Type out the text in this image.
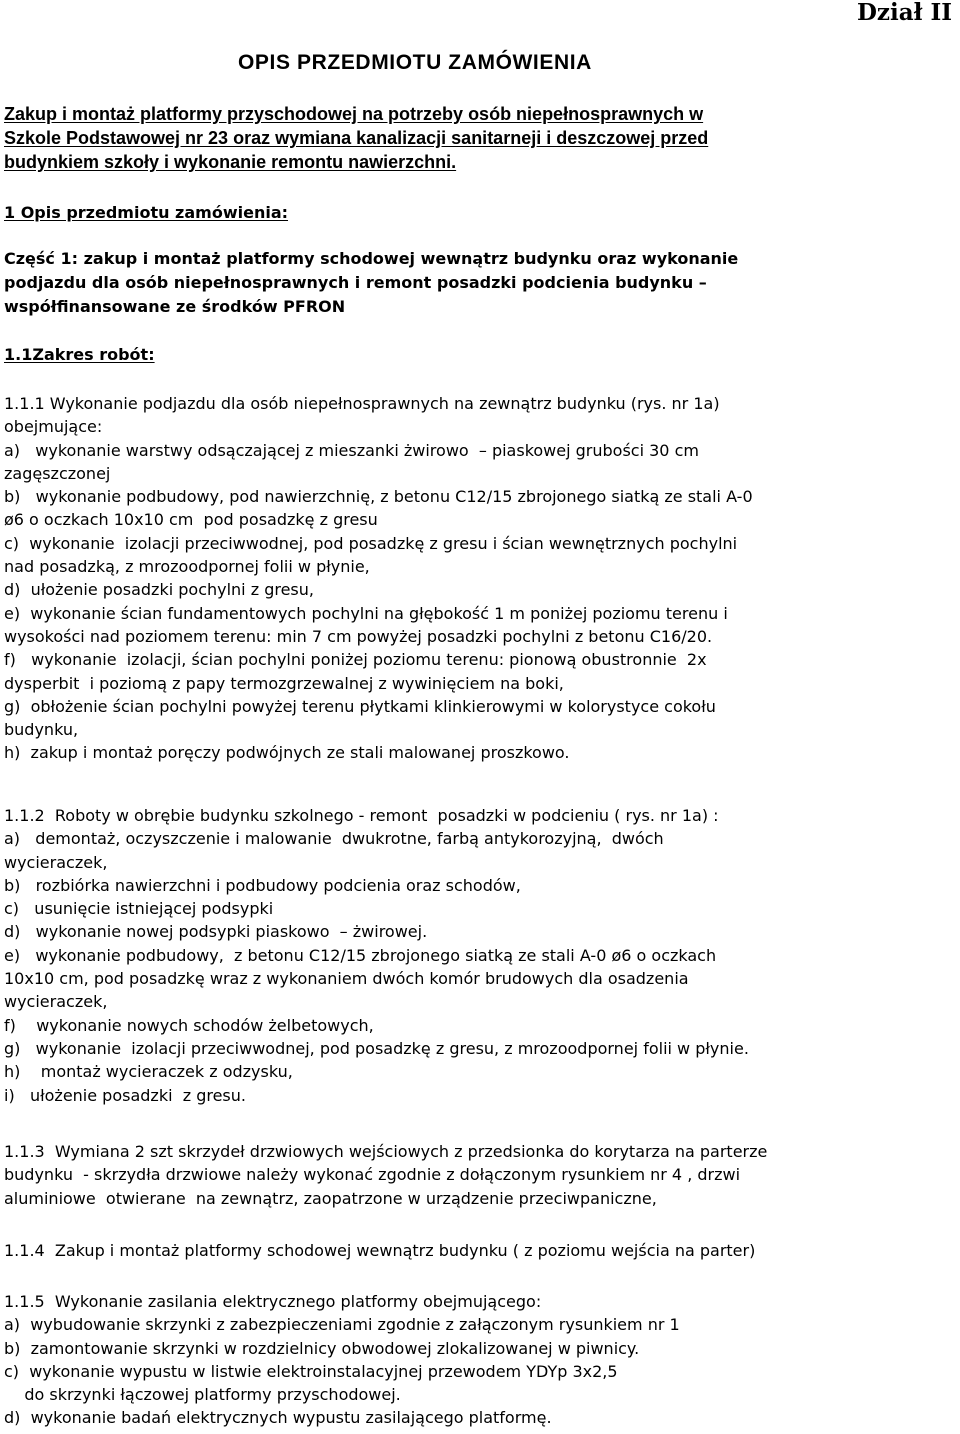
Dział II
OPIS PRZEDMIOTU ZAMÓWIENIA
Zakup i montaż platformy przyschodowej na potrzeby osób niepełnosprawnych w
Szkole Podstawowej nr 23 oraz wymiana kanalizacji sanitarneji i deszczowej przed
budynkiem szkoły i wykonanie remontu nawierzchni.
1 Opis przedmiotu zamówienia:
Część 1: zakup i montaż platformy schodowej wewnątrz budynku oraz wykonanie
podjazdu dla osób niepełnosprawnych i remont posadzki podcienia budynku –
współfinansowane ze środków PFRON
1.1Zakres robót:
1.1.1 Wykonanie podjazdu dla osób niepełnosprawnych na zewnątrz budynku (rys. nr 1a)
obejmujące:
a)   wykonanie warstwy odsączającej z mieszanki żwirowo  – piaskowej grubości 30 cm
zagęszczonej
b)   wykonanie podbudowy, pod nawierzchnię, z betonu C12/15 zbrojonego siatką ze stali A-0
ø6 o oczkach 10x10 cm  pod posadzkę z gresu
c)  wykonanie  izolacji przeciwwodnej, pod posadzkę z gresu i ścian wewnętrznych pochylni
nad posadzką, z mrozoodpornej folii w płynie,
d)  ułożenie posadzki pochylni z gresu,
e)  wykonanie ścian fundamentowych pochylni na głębokość 1 m poniżej poziomu terenu i
wysokości nad poziomem terenu: min 7 cm powyżej posadzki pochylni z betonu C16/20.
f)   wykonanie  izolacji, ścian pochylni poniżej poziomu terenu: pionową obustronnie  2x
dysperbit  i poziomą z papy termozgrzewalnej z wywinięciem na boki,
g)  obłożenie ścian pochylni powyżej terenu płytkami klinkierowymi w kolorystyce cokołu
budynku,
h)  zakup i montaż poręczy podwójnych ze stali malowanej proszkowo.
1.1.2  Roboty w obrębie budynku szkolnego - remont  posadzki w podcieniu ( rys. nr 1a) :
a)   demontaż, oczyszczenie i malowanie  dwukrotne, farbą antykorozyjną,  dwóch
wycieraczek,
b)   rozbiórka nawierzchni i podbudowy podcienia oraz schodów,
c)   usunięcie istniejącej podsypki
d)   wykonanie nowej podsypki piaskowo  – żwirowej.
e)   wykonanie podbudowy,  z betonu C12/15 zbrojonego siatką ze stali A-0 ø6 o oczkach
10x10 cm, pod posadzkę wraz z wykonaniem dwóch komór brudowych dla osadzenia
wycieraczek,
f)    wykonanie nowych schodów żelbetowych,
g)   wykonanie  izolacji przeciwwodnej, pod posadzkę z gresu, z mrozoodpornej folii w płynie.
h)    montaż wycieraczek z odzysku,
i)   ułożenie posadzki  z gresu.
1.1.3  Wymiana 2 szt skrzydeł drzwiowych wejściowych z przedsionka do korytarza na parterze
budynku  - skrzydła drzwiowe należy wykonać zgodnie z dołączonym rysunkiem nr 4 , drzwi
aluminiowe  otwierane  na zewnątrz, zaopatrzone w urządzenie przeciwpaniczne,
1.1.4  Zakup i montaż platformy schodowej wewnątrz budynku ( z poziomu wejścia na parter)
1.1.5  Wykonanie zasilania elektrycznego platformy obejmującego:
a)  wybudowanie skrzynki z zabezpieczeniami zgodnie z załączonym rysunkiem nr 1
b)  zamontowanie skrzynki w rozdzielnicy obwodowej zlokalizowanej w piwnicy.
c)  wykonanie wypustu w listwie elektroinstalacyjnej przewodem YDYp 3x2,5
do skrzynki łączowej platformy przyschodowej.
d)  wykonanie badań elektrycznych wypustu zasilającego platformę.
